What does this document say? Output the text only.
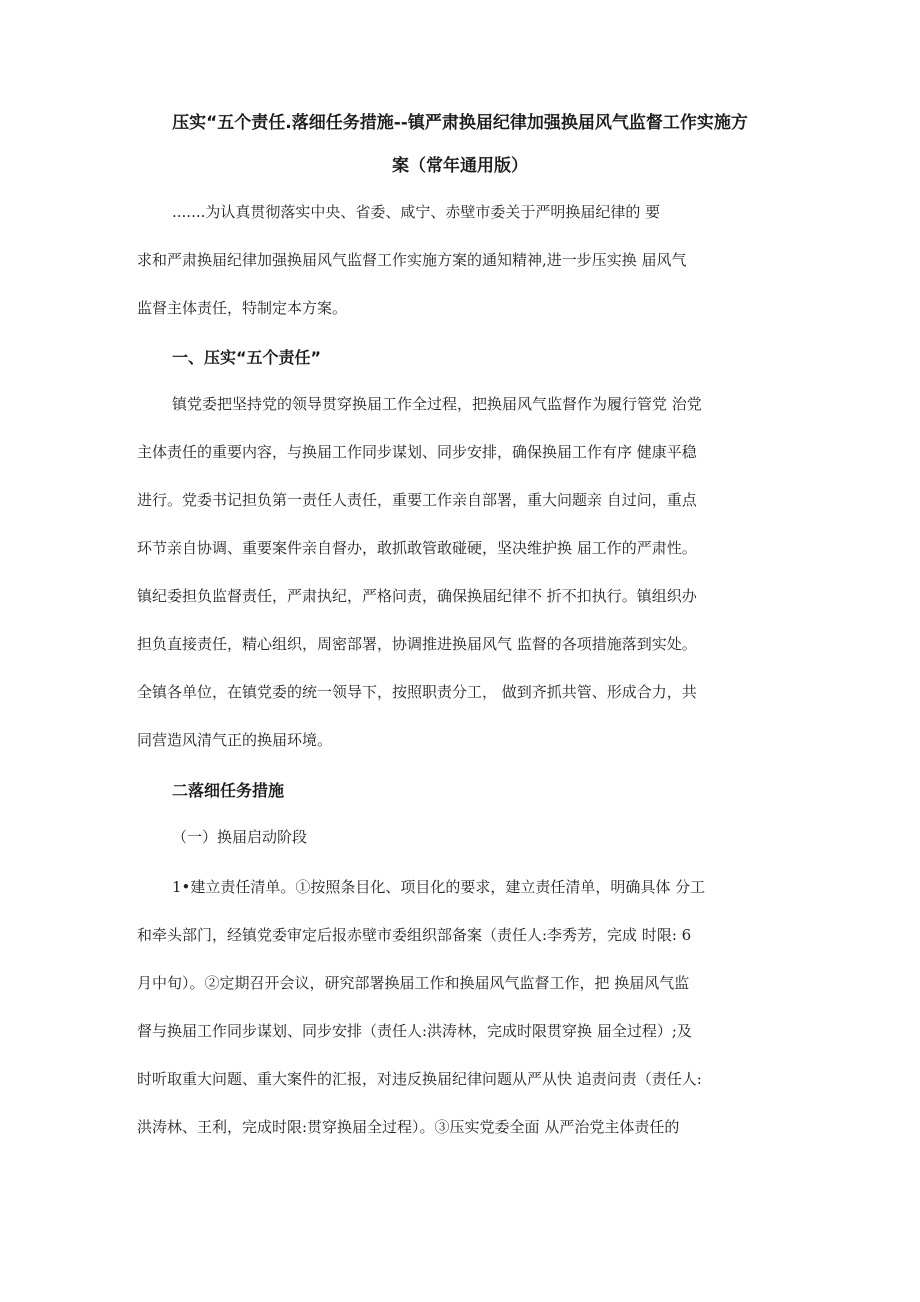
压实“五个责任.落细任务措施--镇严肃换届纪律加强换届风气监督工作实施方
案（常年通用版）
.......为认真贯彻落实中央、省委、咸宁、赤壁市委关于严明换届纪律的 要
求和严肃换届纪律加强换届风气监督工作实施方案的通知精神,进一步压实换 届风气
监督主体责任，特制定本方案。
一、压实“五个责任”
镇党委把坚持党的领导贯穿换届工作全过程，把换届风气监督作为履行管党 治党
主体责任的重要内容，与换届工作同步谋划、同步安排，确保换届工作有序 健康平稳
进行。党委书记担负第一责任人责任，重要工作亲自部署，重大问题亲 自过问，重点
环节亲自协调、重要案件亲自督办，敢抓敢管敢碰硬，坚决维护换 届工作的严肃性。
镇纪委担负监督责任，严肃执纪，严格问责，确保换届纪律不 折不扣执行。镇组织办
担负直接责任，精心组织，周密部署，协调推进换届风气 监督的各项措施落到实处。
全镇各单位，在镇党委的统一领导下，按照职责分工， 做到齐抓共管、形成合力，共
同营造风清气正的换届环境。
二落细任务措施
（一）换届启动阶段
1•建立责任清单。①按照条目化、项目化的要求，建立责任清单，明确具体 分工
和牵头部门，经镇党委审定后报赤壁市委组织部备案（责任人:李秀芳，完成 时限: 6
月中旬）。②定期召开会议，研究部署换届工作和换届风气监督工作，把 换届风气监
督与换届工作同步谋划、同步安排（责任人:洪涛林，完成时限贯穿换 届全过程）;及
时听取重大问题、重大案件的汇报，对违反换届纪律问题从严从快 追责问责（责任人:
洪涛林、王利，完成时限:贯穿换届全过程）。③压实党委全面 从严治党主体责任的
